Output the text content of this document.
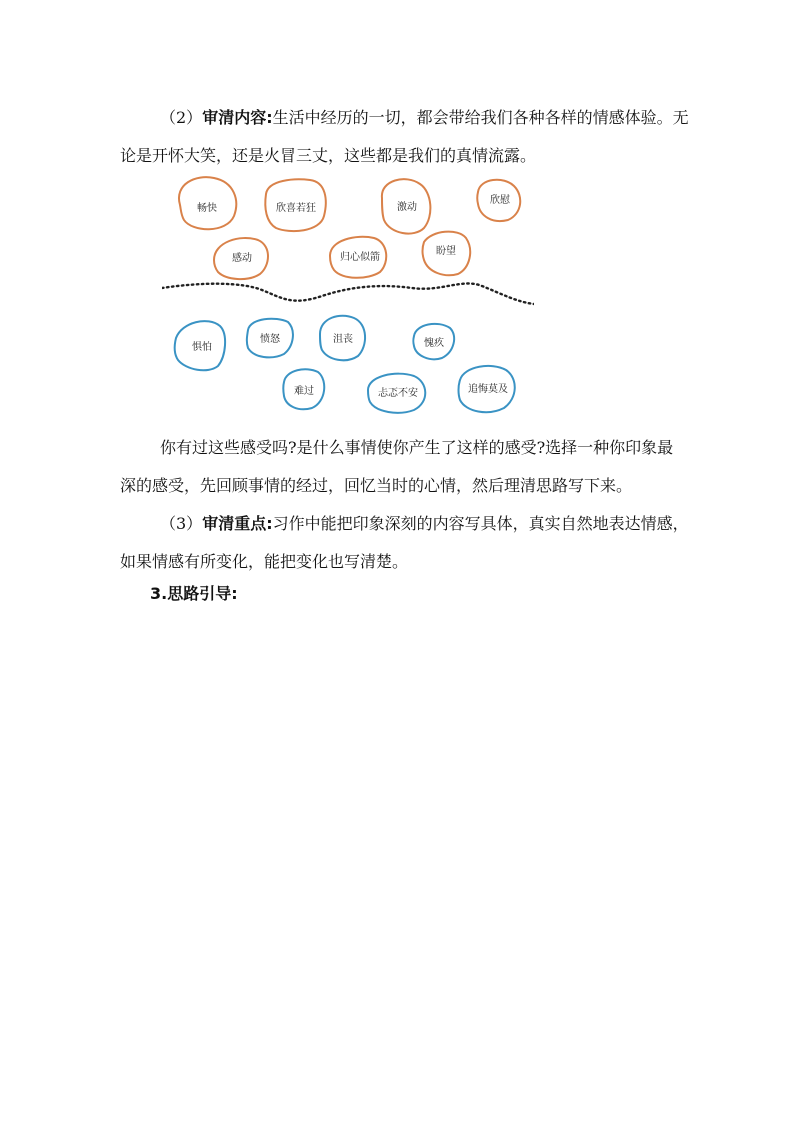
（2）审清内容:生活中经历的一切，都会带给我们各种各样的情感体验。无
论是开怀大笑，还是火冒三丈，这些都是我们的真情流露。
畅快	欣喜若狂	激动
欣慰
感动	归心似箭
盼望
惧怕
愤怒	沮丧	愧疚
难过	忐忑不安	追悔莫及
你有过这些感受吗?是什么事情使你产生了这样的感受?选择一种你印象最
深的感受，先回顾事情的经过，回忆当时的心情，然后理清思路写下来。
（3）审清重点:习作中能把印象深刻的内容写具体，真实自然地表达情感，
如果情感有所变化，能把变化也写清楚。
3.思路引导:
